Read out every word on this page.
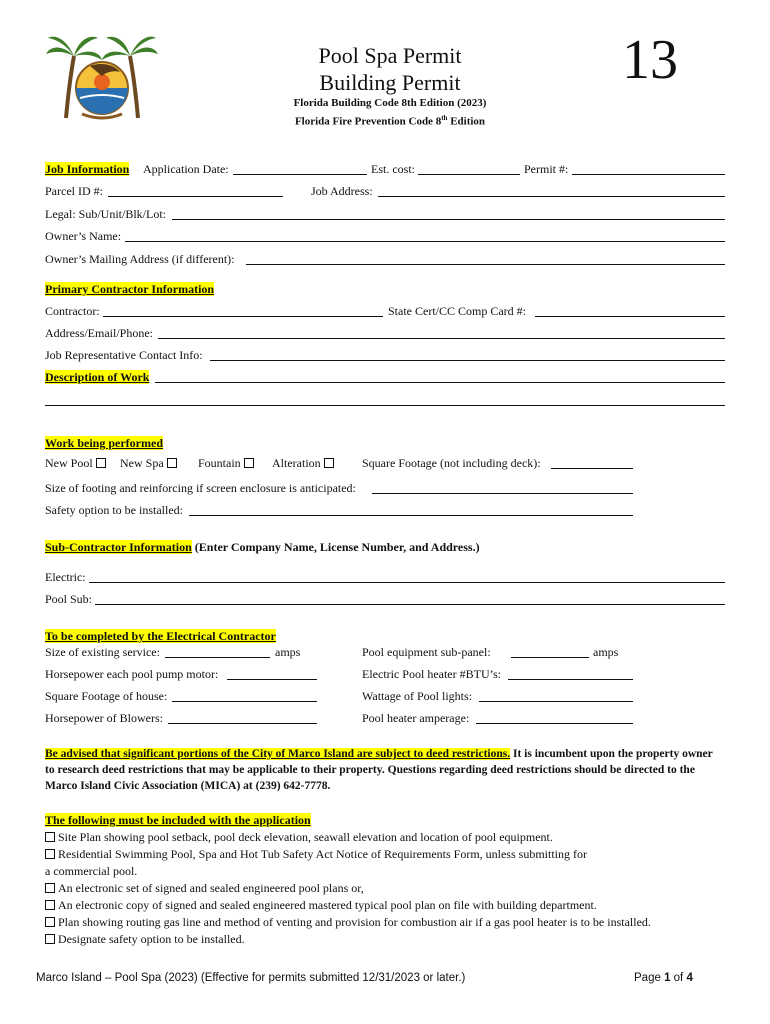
Pool Spa Permit
Building Permit
Florida Building Code 8th Edition (2023)
Florida Fire Prevention Code 8th Edition
13
Job Information Application Date:	Est. cost:	Permit #:
Parcel ID #:	Job Address:
Legal: Sub/Unit/Blk/Lot:
Owner’s Name:
Owner’s Mailing Address (if different):
Primary Contractor Information
Contractor:	State Cert/CC Comp Card #:
Address/Email/Phone:
Job Representative Contact Info:
Description of Work
Work being performed
New Pool	New Spa	Fountain	Alteration	Square Footage (not including deck):
Size of footing and reinforcing if screen enclosure is anticipated:
Safety option to be installed:
Sub-Contractor Information (Enter Company Name, License Number, and Address.)
Electric:
Pool Sub:
To be completed by the Electrical Contractor
Size of existing service:	amps	Pool equipment sub-panel:	amps
Horsepower each pool pump motor:	Electric Pool heater #BTU’s:
Square Footage of house:	Wattage of Pool lights:
Horsepower of Blowers:	Pool heater amperage:
Be advised that significant portions of the City of Marco Island are subject to deed restrictions. It is incumbent upon the property owner to research deed restrictions that may be applicable to their property. Questions regarding deed restrictions should be directed to the Marco Island Civic Association (MICA) at (239) 642-7778.
The following must be included with the application
Site Plan showing pool setback, pool deck elevation, seawall elevation and location of pool equipment.
Residential Swimming Pool, Spa and Hot Tub Safety Act Notice of Requirements Form, unless submitting for
a commercial pool.
An electronic set of signed and sealed engineered pool plans or,
An electronic copy of signed and sealed engineered mastered typical pool plan on file with building department.
Plan showing routing gas line and method of venting and provision for combustion air if a gas pool heater is to be installed.
Designate safety option to be installed.
Marco Island – Pool Spa (2023) (Effective for permits submitted 12/31/2023 or later.)	Page 1 of 4
